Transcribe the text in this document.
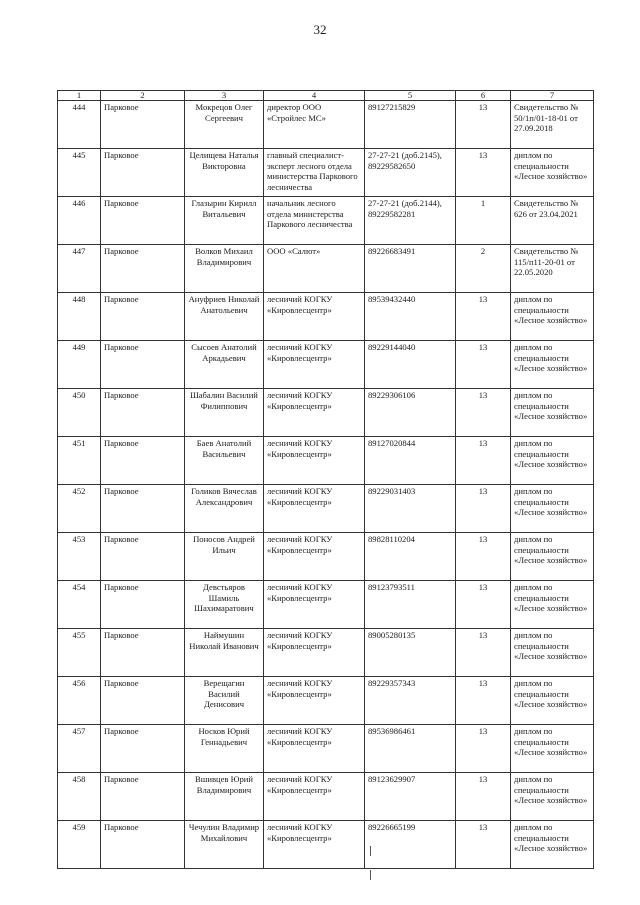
32
1	2	3	4	5	6	7
444	Парковое	Мокрецов Олег Сергеевич	директор ООО «Стройлес МС»	89127215829	13	Свидетельство № 50/1п/01-18-01 от 27.09.2018
445	Парковое	Целищева Наталья Викторовна	главный специалист-эксперт лесного отдела министерства Паркового лесничества	27-27-21 (доб.2145), 89229582650	13	диплом по специальности «Лесное хозяйство»
446	Парковое	Глазырин Кирилл Витальевич	начальник лесного отдела министерства Паркового лесничества	27-27-21 (доб.2144), 89229582281	1	Свидетельство № 626 от 23.04.2021
447	Парковое	Волков Михаил Владимирович	ООО «Салют»	89226683491	2	Свидетельство № 115/п11-20-01 от 22.05.2020
448	Парковое	Ануфриев Николай Анатольевич	лесничий КОГКУ «Кировлесцентр»	89539432440	13	диплом по специальности «Лесное хозяйство»
449	Парковое	Сысоев Анатолий Аркадьевич	лесничий КОГКУ «Кировлесцентр»	89229144040	13	диплом по специальности «Лесное хозяйство»
450	Парковое	Шабалин Василий Филиппович	лесничий КОГКУ «Кировлесцентр»	89229306106	13	диплом по специальности «Лесное хозяйство»
451	Парковое	Баев Анатолий Васильевич	лесничий КОГКУ «Кировлесцентр»	89127020844	13	диплом по специальности «Лесное хозяйство»
452	Парковое	Голиков Вячеслав Александрович	лесничий КОГКУ «Кировлесцентр»	89229031403	13	диплом по специальности «Лесное хозяйство»
453	Парковое	Поносов Андрей Ильич	лесничий КОГКУ «Кировлесцентр»	89828110204	13	диплом по специальности «Лесное хозяйство»
454	Парковое	Девстьяров Шамиль Шахимаратович	лесничий КОГКУ «Кировлесцентр»	89123793511	13	диплом по специальности «Лесное хозяйство»
455	Парковое	Наймушин Николай Иванович	лесничий КОГКУ «Кировлесцентр»	89005280135	13	диплом по специальности «Лесное хозяйство»
456	Парковое	Верещагин Василий Денисович	лесничий КОГКУ «Кировлесцентр»	89229357343	13	диплом по специальности «Лесное хозяйство»
457	Парковое	Носков Юрий Геннадьевич	лесничий КОГКУ «Кировлесцентр»	89536986461	13	диплом по специальности «Лесное хозяйство»
458	Парковое	Вшивцев Юрий Владимирович	лесничий КОГКУ «Кировлесцентр»	89123629907	13	диплом по специальности «Лесное хозяйство»
459	Парковое	Чечулин Владимир Михайлович	лесничий КОГКУ «Кировлесцентр»	89226665199	13	диплом по специальности «Лесное хозяйство»
